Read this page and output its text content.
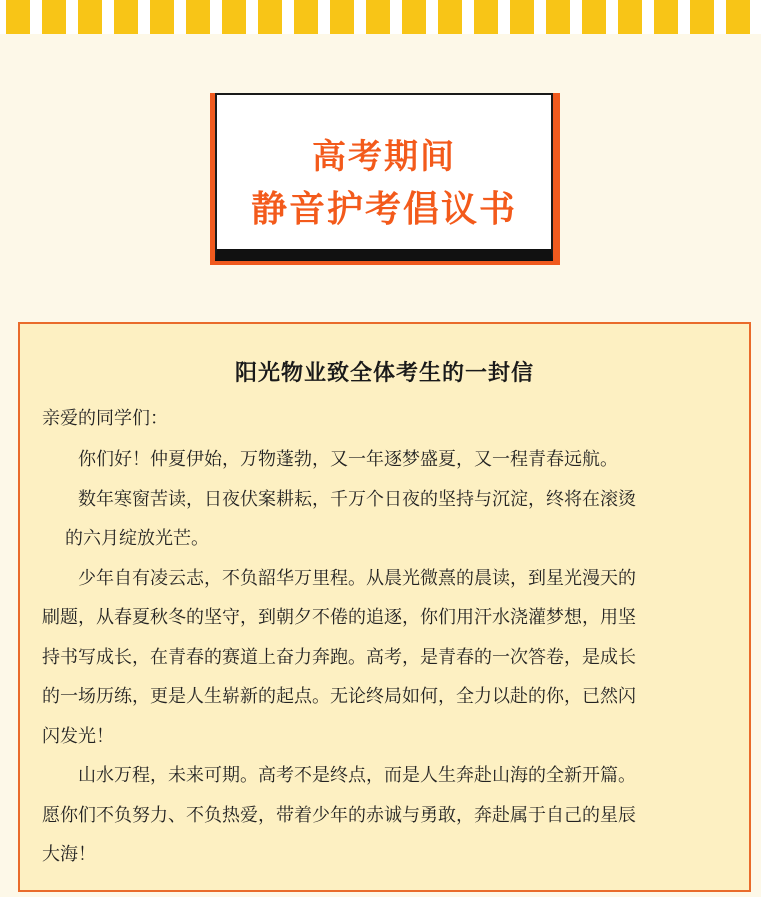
高考期间
静音护考倡议书
阳光物业致全体考生的一封信
亲爱的同学们：
你们好！仲夏伊始，万物蓬勃，又一年逐梦盛夏，又一程青春远航。
数年寒窗苦读，日夜伏案耕耘，千万个日夜的坚持与沉淀，终将在滚烫
的六月绽放光芒。
少年自有凌云志，不负韶华万里程。从晨光微熹的晨读，到星光漫天的
刷题，从春夏秋冬的坚守，到朝夕不倦的追逐，你们用汗水浇灌梦想，用坚
持书写成长，在青春的赛道上奋力奔跑。高考，是青春的一次答卷，是成长
的一场历练，更是人生崭新的起点。无论终局如何，全力以赴的你，已然闪
闪发光！
山水万程，未来可期。高考不是终点，而是人生奔赴山海的全新开篇。
愿你们不负努力、不负热爱，带着少年的赤诚与勇敢，奔赴属于自己的星辰
大海！
